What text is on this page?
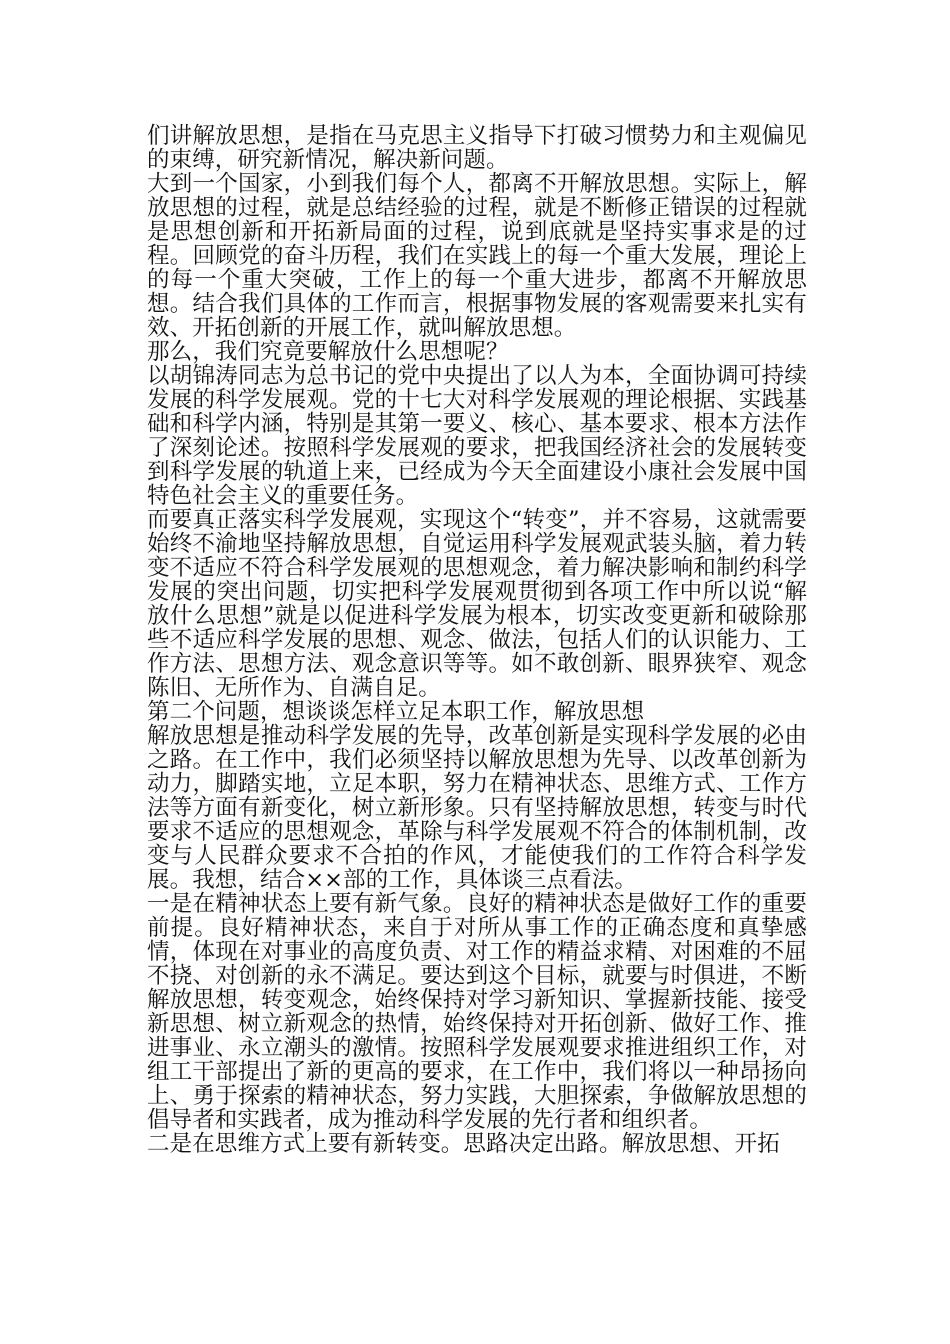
们讲解放思想，是指在马克思主义指导下打破习惯势力和主观偏见的束缚，研究新情况，解决新问题。

大到一个国家，小到我们每个人，都离不开解放思想。实际上，解放思想的过程，就是总结经验的过程，就是不断修正错误的过程就是思想创新和开拓新局面的过程，说到底就是坚持实事求是的过程。回顾党的奋斗历程，我们在实践上的每一个重大发展，理论上的每一个重大突破，工作上的每一个重大进步，都离不开解放思想。结合我们具体的工作而言，根据事物发展的客观需要来扎实有效、开拓创新的开展工作，就叫解放思想。

那么，我们究竟要解放什么思想呢？

以胡锦涛同志为总书记的党中央提出了以人为本，全面协调可持续发展的科学发展观。党的十七大对科学发展观的理论根据、实践基础和科学内涵，特别是其第一要义、核心、基本要求、根本方法作了深刻论述。按照科学发展观的要求，把我国经济社会的发展转变到科学发展的轨道上来，已经成为今天全面建设小康社会发展中国特色社会主义的重要任务。

而要真正落实科学发展观，实现这个“转变”，并不容易，这就需要始终不渝地坚持解放思想，自觉运用科学发展观武装头脑，着力转变不适应不符合科学发展观的思想观念，着力解决影响和制约科学发展的突出问题，切实把科学发展观贯彻到各项工作中所以说“解放什么思想”就是以促进科学发展为根本，切实改变更新和破除那些不适应科学发展的思想、观念、做法，包括人们的认识能力、工作方法、思想方法、观念意识等等。如不敢创新、眼界狭窄、观念陈旧、无所作为、自满自足。

第二个问题，想谈谈怎样立足本职工作，解放思想

解放思想是推动科学发展的先导，改革创新是实现科学发展的必由之路。在工作中，我们必须坚持以解放思想为先导、以改革创新为动力，脚踏实地，立足本职，努力在精神状态、思维方式、工作方法等方面有新变化，树立新形象。只有坚持解放思想，转变与时代要求不适应的思想观念，革除与科学发展观不符合的体制机制，改变与人民群众要求不合拍的作风，才能使我们的工作符合科学发展。我想，结合××部的工作，具体谈三点看法。

一是在精神状态上要有新气象。良好的精神状态是做好工作的重要前提。良好精神状态，来自于对所从事工作的正确态度和真挚感情，体现在对事业的高度负责、对工作的精益求精、对困难的不屈不挠、对创新的永不满足。要达到这个目标，就要与时俱进，不断解放思想，转变观念，始终保持对学习新知识、掌握新技能、接受新思想、树立新观念的热情，始终保持对开拓创新、做好工作、推进事业、永立潮头的激情。按照科学发展观要求推进组织工作，对组工干部提出了新的更高的要求，在工作中，我们将以一种昂扬向上、勇于探索的精神状态，努力实践，大胆探索，争做解放思想的倡导者和实践者，成为推动科学发展的先行者和组织者。

二是在思维方式上要有新转变。思路决定出路。解放思想、开拓
